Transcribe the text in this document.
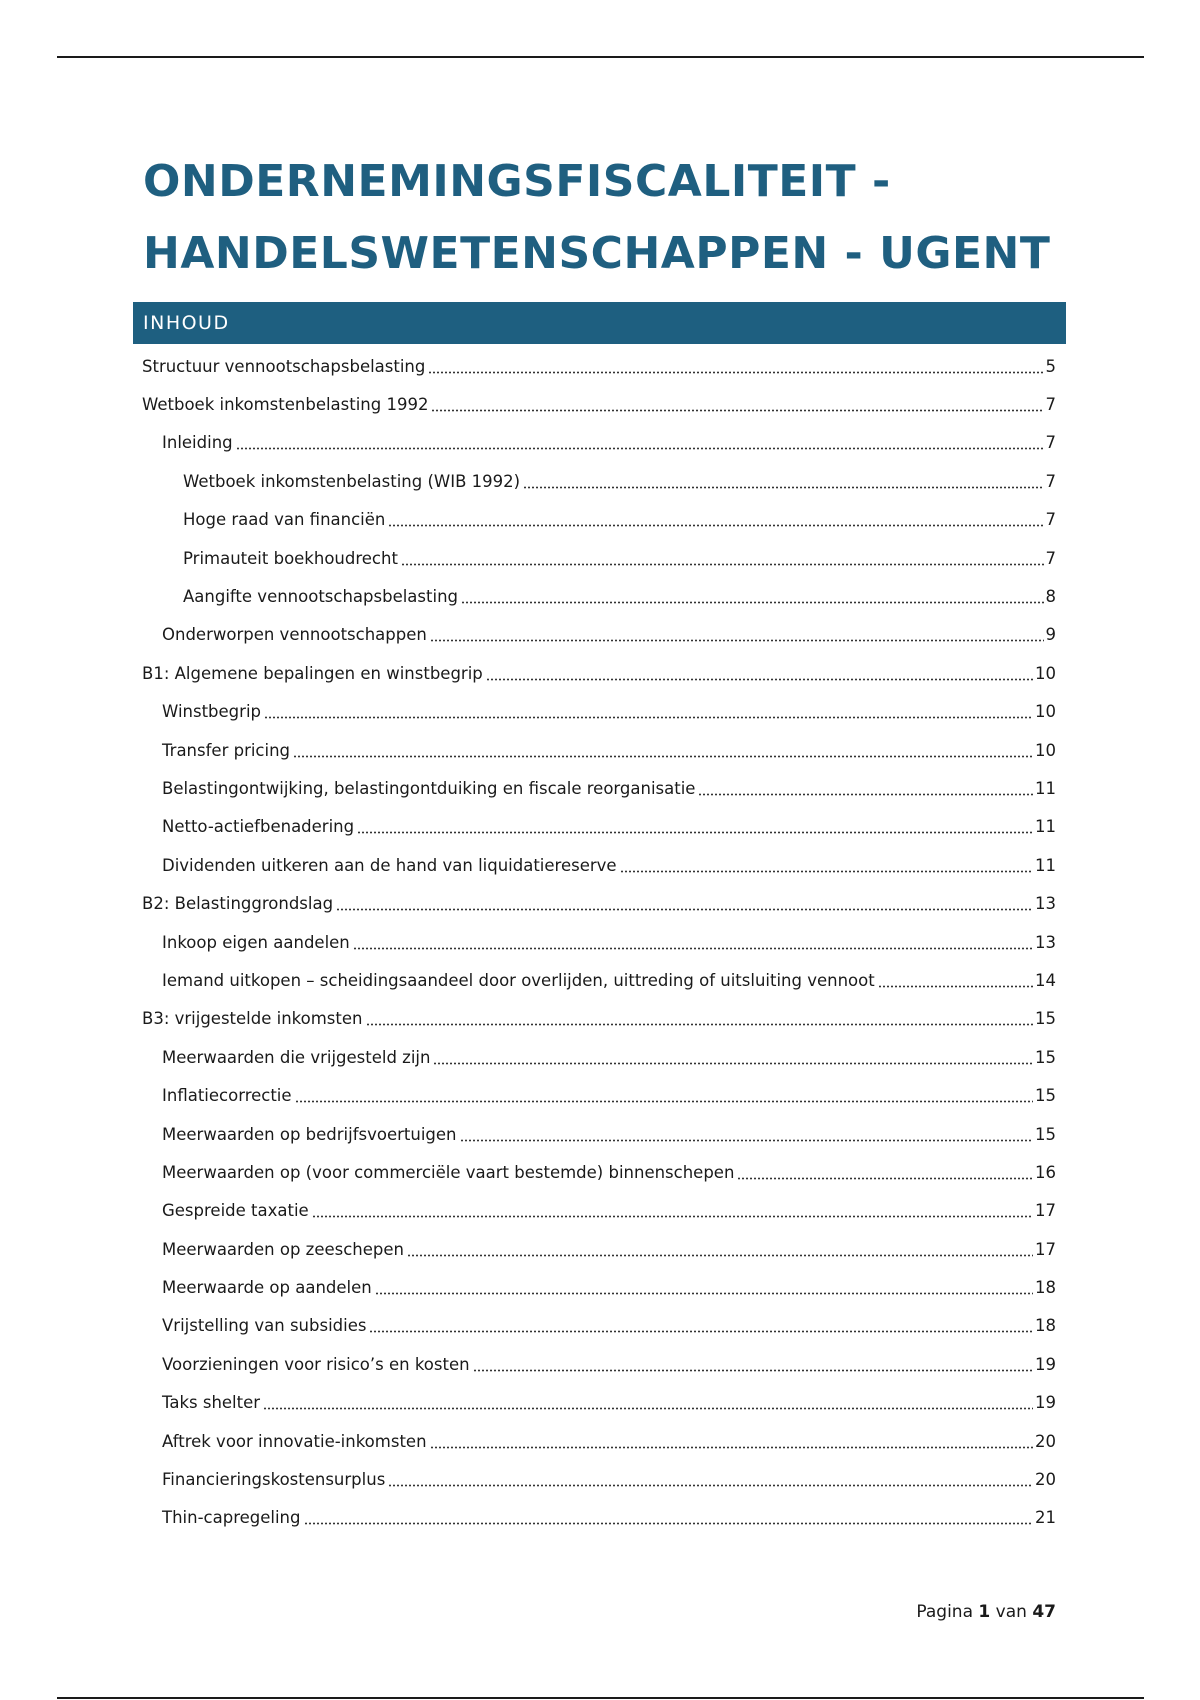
ONDERNEMINGSFISCALITEIT -
HANDELSWETENSCHAPPEN - UGENT
INHOUD
Structuur vennootschapsbelasting	5
Wetboek inkomstenbelasting 1992	7
Inleiding	7
Wetboek inkomstenbelasting (WIB 1992)	7
Hoge raad van financiën	7
Primauteit boekhoudrecht	7
Aangifte vennootschapsbelasting	8
Onderworpen vennootschappen	9
B1: Algemene bepalingen en winstbegrip	10
Winstbegrip	10
Transfer pricing	10
Belastingontwijking, belastingontduiking en fiscale reorganisatie	11
Netto-actiefbenadering	11
Dividenden uitkeren aan de hand van liquidatiereserve	11
B2: Belastinggrondslag	13
Inkoop eigen aandelen	13
Iemand uitkopen – scheidingsaandeel door overlijden, uittreding of uitsluiting vennoot	14
B3: vrijgestelde inkomsten	15
Meerwaarden die vrijgesteld zijn	15
Inflatiecorrectie	15
Meerwaarden op bedrijfsvoertuigen	15
Meerwaarden op (voor commerciële vaart bestemde) binnenschepen	16
Gespreide taxatie	17
Meerwaarden op zeeschepen	17
Meerwaarde op aandelen	18
Vrijstelling van subsidies	18
Voorzieningen voor risico’s en kosten	19
Taks shelter	19
Aftrek voor innovatie-inkomsten	20
Financieringskostensurplus	20
Thin-capregeling	21
Pagina 1 van 47
